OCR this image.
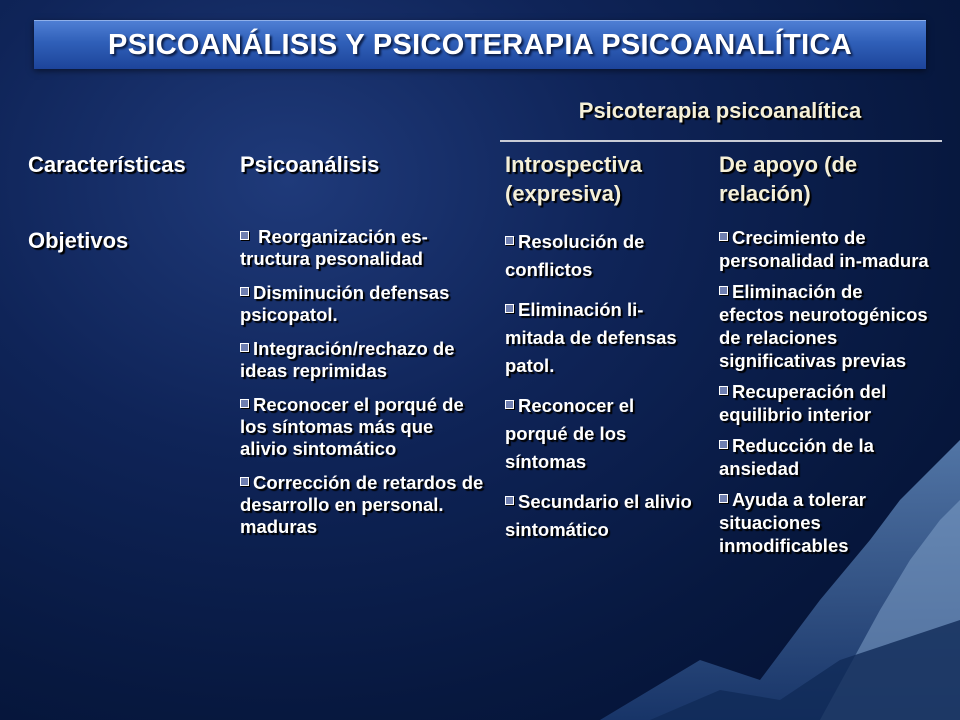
PSICOANÁLISIS Y PSICOTERAPIA PSICOANALÍTICA
Psicoterapia psicoanalítica
Características Psicoanálisis	Introspectiva (expresiva)
De apoyo (de relación)
Objetivos	Reorganización es-tructura pesonalidad
Disminución defensas psicopatol.
Integración/rechazo de ideas reprimidas
Reconocer el porqué de los síntomas más que alivio sintomático
Corrección de retardos de desarrollo en personal. maduras
Resolución de conflictos
Eliminación li-mitada de defensas patol.
Reconocer el porqué de los síntomas
Secundario el alivio sintomático
Crecimiento de personalidad in-madura
Eliminación de efectos neurotogénicos de relaciones significativas previas
Recuperación del equilibrio interior
Reducción de la ansiedad
Ayuda a tolerar situaciones inmodificables
